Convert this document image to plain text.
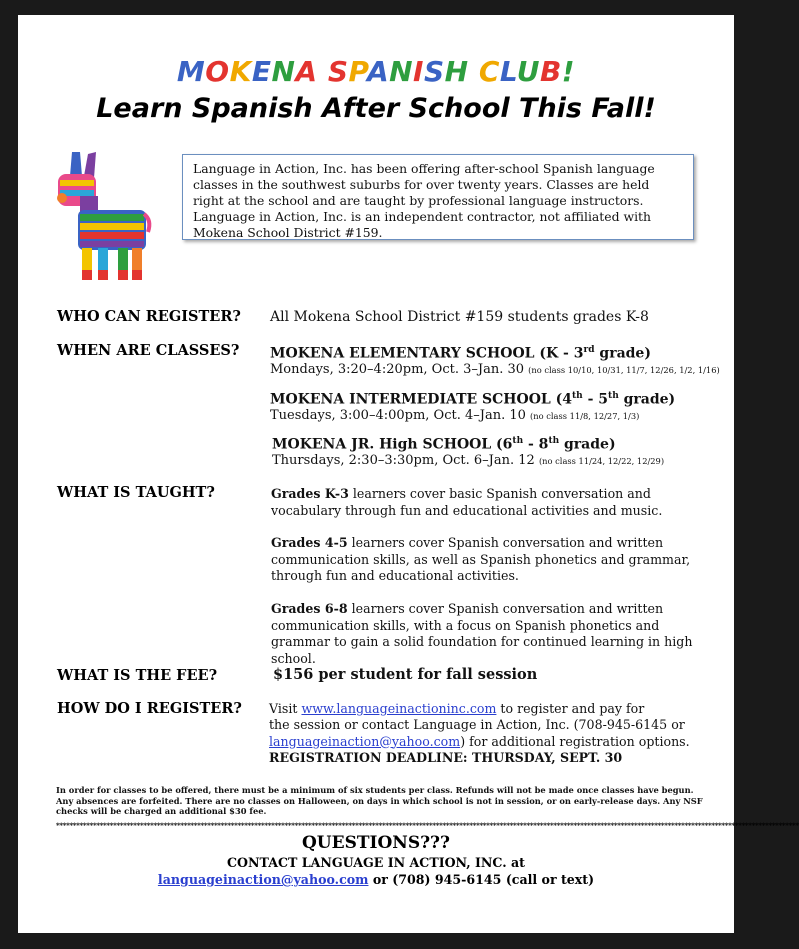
MOKENA SPANISH CLUB!
Learn Spanish After School This Fall!
Language in Action, Inc. has been offering after-school Spanish language classes in the southwest suburbs for over twenty years. Classes are held right at the school and are taught by professional language instructors. Language in Action, Inc. is an independent contractor, not affiliated with Mokena School District #159.
WHO CAN REGISTER? All Mokena School District #159 students grades K-8
WHEN ARE CLASSES? MOKENA ELEMENTARY SCHOOL (K - 3rd grade)
Mondays, 3:20–4:20pm, Oct. 3–Jan. 30 (no class 10/10, 10/31, 11/7, 12/26, 1/2, 1/16)
MOKENA INTERMEDIATE SCHOOL (4th - 5th grade)
Tuesdays, 3:00–4:00pm, Oct. 4–Jan. 10 (no class 11/8, 12/27, 1/3)
MOKENA JR. High SCHOOL (6th - 8th grade)
Thursdays, 2:30–3:30pm, Oct. 6–Jan. 12 (no class 11/24, 12/22, 12/29)
WHAT IS TAUGHT?	Grades K-3 learners cover basic Spanish conversation and vocabulary through fun and educational activities and music.
Grades 4-5 learners cover Spanish conversation and written communication skills, as well as Spanish phonetics and grammar, through fun and educational activities.
Grades 6-8 learners cover Spanish conversation and written communication skills, with a focus on Spanish phonetics and grammar to gain a solid foundation for continued learning in high school.
WHAT IS THE FEE?	$156 per student for fall session
HOW DO I REGISTER? Visit www.languageinactioninc.com to register and pay for
the session or contact Language in Action, Inc. (708-945-6145 or
languageinaction@yahoo.com) for additional registration options.
REGISTRATION DEADLINE: THURSDAY, SEPT. 30
In order for classes to be offered, there must be a minimum of six students per class. Refunds will not be made once classes have begun. Any absences are forfeited. There are no classes on Halloween, on days in which school is not in session, or on early-release days. Any NSF checks will be charged an additional $30 fee.
*****************************************************************************************************************************************************************************************************************************
QUESTIONS???
CONTACT LANGUAGE IN ACTION, INC. at
languageinaction@yahoo.com or (708) 945-6145 (call or text)
